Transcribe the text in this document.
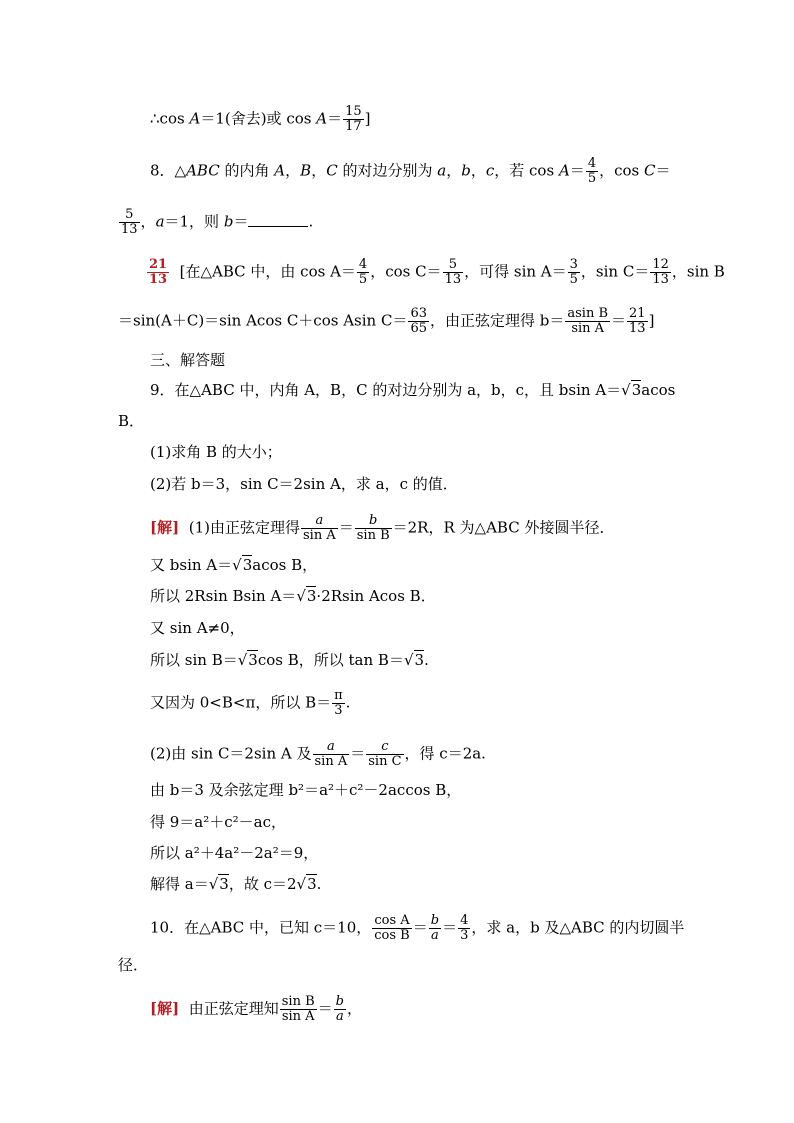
∴cos A＝1(舍去)或 $\cos A= \frac{15}{17}$ ]
8．△ABC 的内角 A，B，C 的对边分别为 a，b，c，若 $\cos A= \frac{4}{5}$ ，cos C＝
$\frac{5}{13}$ ，a＝1，则 b＝	.
$\frac{21}{13}$ [在△ABC 中，由 $\cos A= \frac{4}{5}$ ，$\cos C= \frac{5}{13}$ ，可得 $\sin A= \frac{3}{5}$ ，$\sin C= \frac{12}{13}$ ，sin B
＝sin(A＋C)＝sin Acos C＋cos Asin $C= \frac{63}{65}$ ，由正弦定理得 $b= \frac{\text{asin B}}{\text{sin A}} = \frac{21}{13}$ ]
三、解答题
9．在△ABC 中，内角 A，B，C 的对边分别为 a，b，c，且 bsin A＝√3acos
B．
(1)求角 B 的大小；
(2)若 b＝3，sin C＝2sin A，求 a，c 的值．
[解] (1)由正弦定理得 $\frac{a}{\text{sin A}} = \frac{b}{\text{sin B}} =2R$，R 为△ABC 外接圆半径．
又 bsin A＝√3acos B，
所以 2Rsin Bsin A＝√3·2Rsin Acos B．
又 sin A≠0，
所以 sin B＝√3cos B，所以 tan B＝√3.
又因为 0<B<π，所以 $B= \frac{\pi}{3}$ .
(2)由 sin C＝2sin A 及 $\frac{a}{\text{sin A}} = \frac{c}{\text{sin C}}$ ，得 c＝2a.
由 b＝3 及余弦定理 b²＝a²＋c²－2accos B，
得 9＝a²＋c²－ac，
所以 a²＋4a²－2a²＝9，
解得 a＝√3，故 c＝2√3.
10．在△ABC 中，已知 c＝10， $\frac{\text{cos A}}{\text{cos B}} = \frac{b}{a} = \frac{4}{3}$ ，求 a，b 及△ABC 的内切圆半
径．
[解] 由正弦定理知 $\frac{\text{sin B}}{\text{sin A}} = \frac{b}{a}$ ，
